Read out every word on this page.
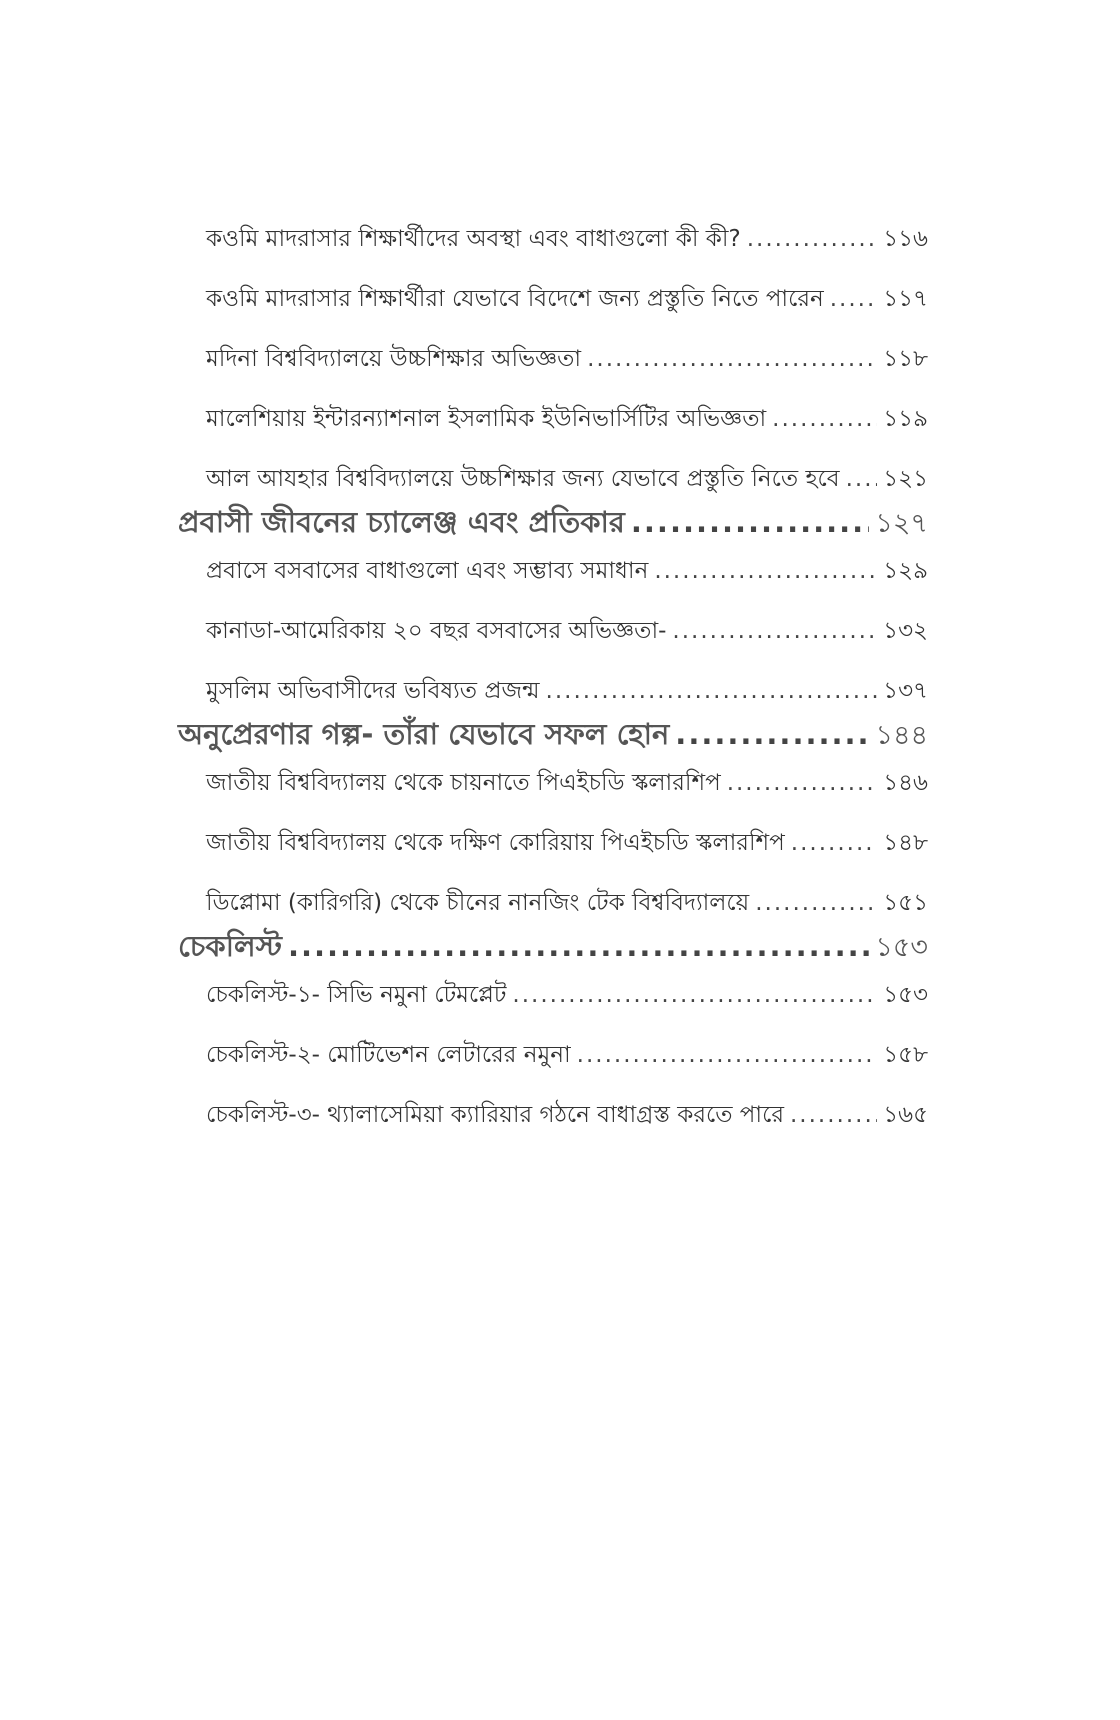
কওমি মাদরাসার শিক্ষার্থীদের অবস্থা এবং বাধাগুলো কী কী? .....	১১৬
কওমি মাদরাসার শিক্ষার্থীরা যেভাবে বিদেশে জন্য প্রস্তুতি নিতে পারেন .....	১১৭
মদিনা বিশ্ববিদ্যালয়ে উচ্চশিক্ষার অভিজ্ঞতা .....	১১৮
মালেশিয়ায় ইন্টারন্যাশনাল ইসলামিক ইউনিভার্সিটির অভিজ্ঞতা .....	১১৯
আল আযহার বিশ্ববিদ্যালয়ে উচ্চশিক্ষার জন্য যেভাবে প্রস্তুতি নিতে হবে ..... ১২১
প্রবাসী জীবনের চ্যালেঞ্জ এবং প্রতিকার .....	১২৭
প্রবাসে বসবাসের বাধাগুলো এবং সম্ভাব্য সমাধান .....	১২৯
কানাডা-আমেরিকায় ২০ বছর বসবাসের অভিজ্ঞতা- .....	১৩২
মুসলিম অভিবাসীদের ভবিষ্যত প্রজন্ম .....	১৩৭
অনুপ্রেরণার গল্প- তাঁরা যেভাবে সফল হোন .....	১৪৪
জাতীয় বিশ্ববিদ্যালয় থেকে চায়নাতে পিএইচডি স্কলারশিপ .....	১৪৬
জাতীয় বিশ্ববিদ্যালয় থেকে দক্ষিণ কোরিয়ায় পিএইচডি স্কলারশিপ .....	১৪৮
ডিপ্লোমা (কারিগরি) থেকে চীনের নানজিং টেক বিশ্ববিদ্যালয়ে .....	১৫১
চেকলিস্ট .....	১৫৩
চেকলিস্ট-১- সিভি নমুনা টেমপ্লেট .....	১৫৩
চেকলিস্ট-২- মোটিভেশন লেটারের নমুনা .....	১৫৮
চেকলিস্ট-৩- থ্যালাসেমিয়া ক্যারিয়ার গঠনে বাধাগ্রস্ত করতে পারে .....	১৬৫
